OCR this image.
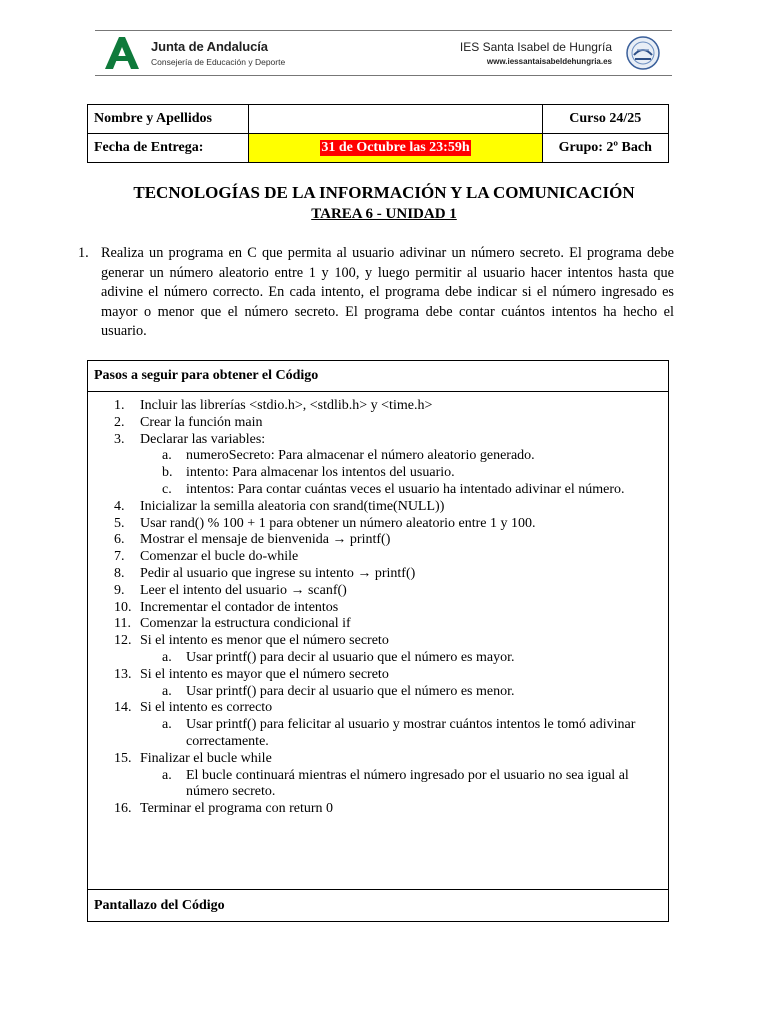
Junta de Andalucía
Consejería de Educación y Deporte
IES Santa Isabel de Hungría
www.iessantaisabeldehungria.es
Nombre y Apellidos		Curso 24/25
Fecha de Entrega:	31 de Octubre las 23:59h	Grupo: 2º Bach
TECNOLOGÍAS DE LA INFORMACIÓN Y LA COMUNICACIÓN
TAREA 6 - UNIDAD 1
1. Realiza un programa en C que permita al usuario adivinar un número secreto. El programa debe generar un número aleatorio entre 1 y 100, y luego permitir al usuario hacer intentos hasta que adivine el número correcto. En cada intento, el programa debe indicar si el número ingresado es mayor o menor que el número secreto. El programa debe contar cuántos intentos ha hecho el usuario.
Pasos a seguir para obtener el Código
1.	Incluir las librerías <stdio.h>, <stdlib.h> y <time.h>
2.	Crear la función main
3.	Declarar las variables:
a. numeroSecreto: Para almacenar el número aleatorio generado.
b. intento: Para almacenar los intentos del usuario.
c. intentos: Para contar cuántas veces el usuario ha intentado adivinar el número.
4.	Inicializar la semilla aleatoria con srand(time(NULL))
5.	Usar rand() % 100 + 1 para obtener un número aleatorio entre 1 y 100.
6.	Mostrar el mensaje de bienvenida → printf()
7.	Comenzar el bucle do-while
8.	Pedir al usuario que ingrese su intento → printf()
9.	Leer el intento del usuario → scanf()
10. Incrementar el contador de intentos
11. Comenzar la estructura condicional if
12. Si el intento es menor que el número secreto
a. Usar printf() para decir al usuario que el número es mayor.
13. Si el intento es mayor que el número secreto
a. Usar printf() para decir al usuario que el número es menor.
14. Si el intento es correcto
a. Usar printf() para felicitar al usuario y mostrar cuántos intentos le tomó adivinar correctamente.
15. Finalizar el bucle while
a. El bucle continuará mientras el número ingresado por el usuario no sea igual al número secreto.
16. Terminar el programa con return 0
Pantallazo del Código
